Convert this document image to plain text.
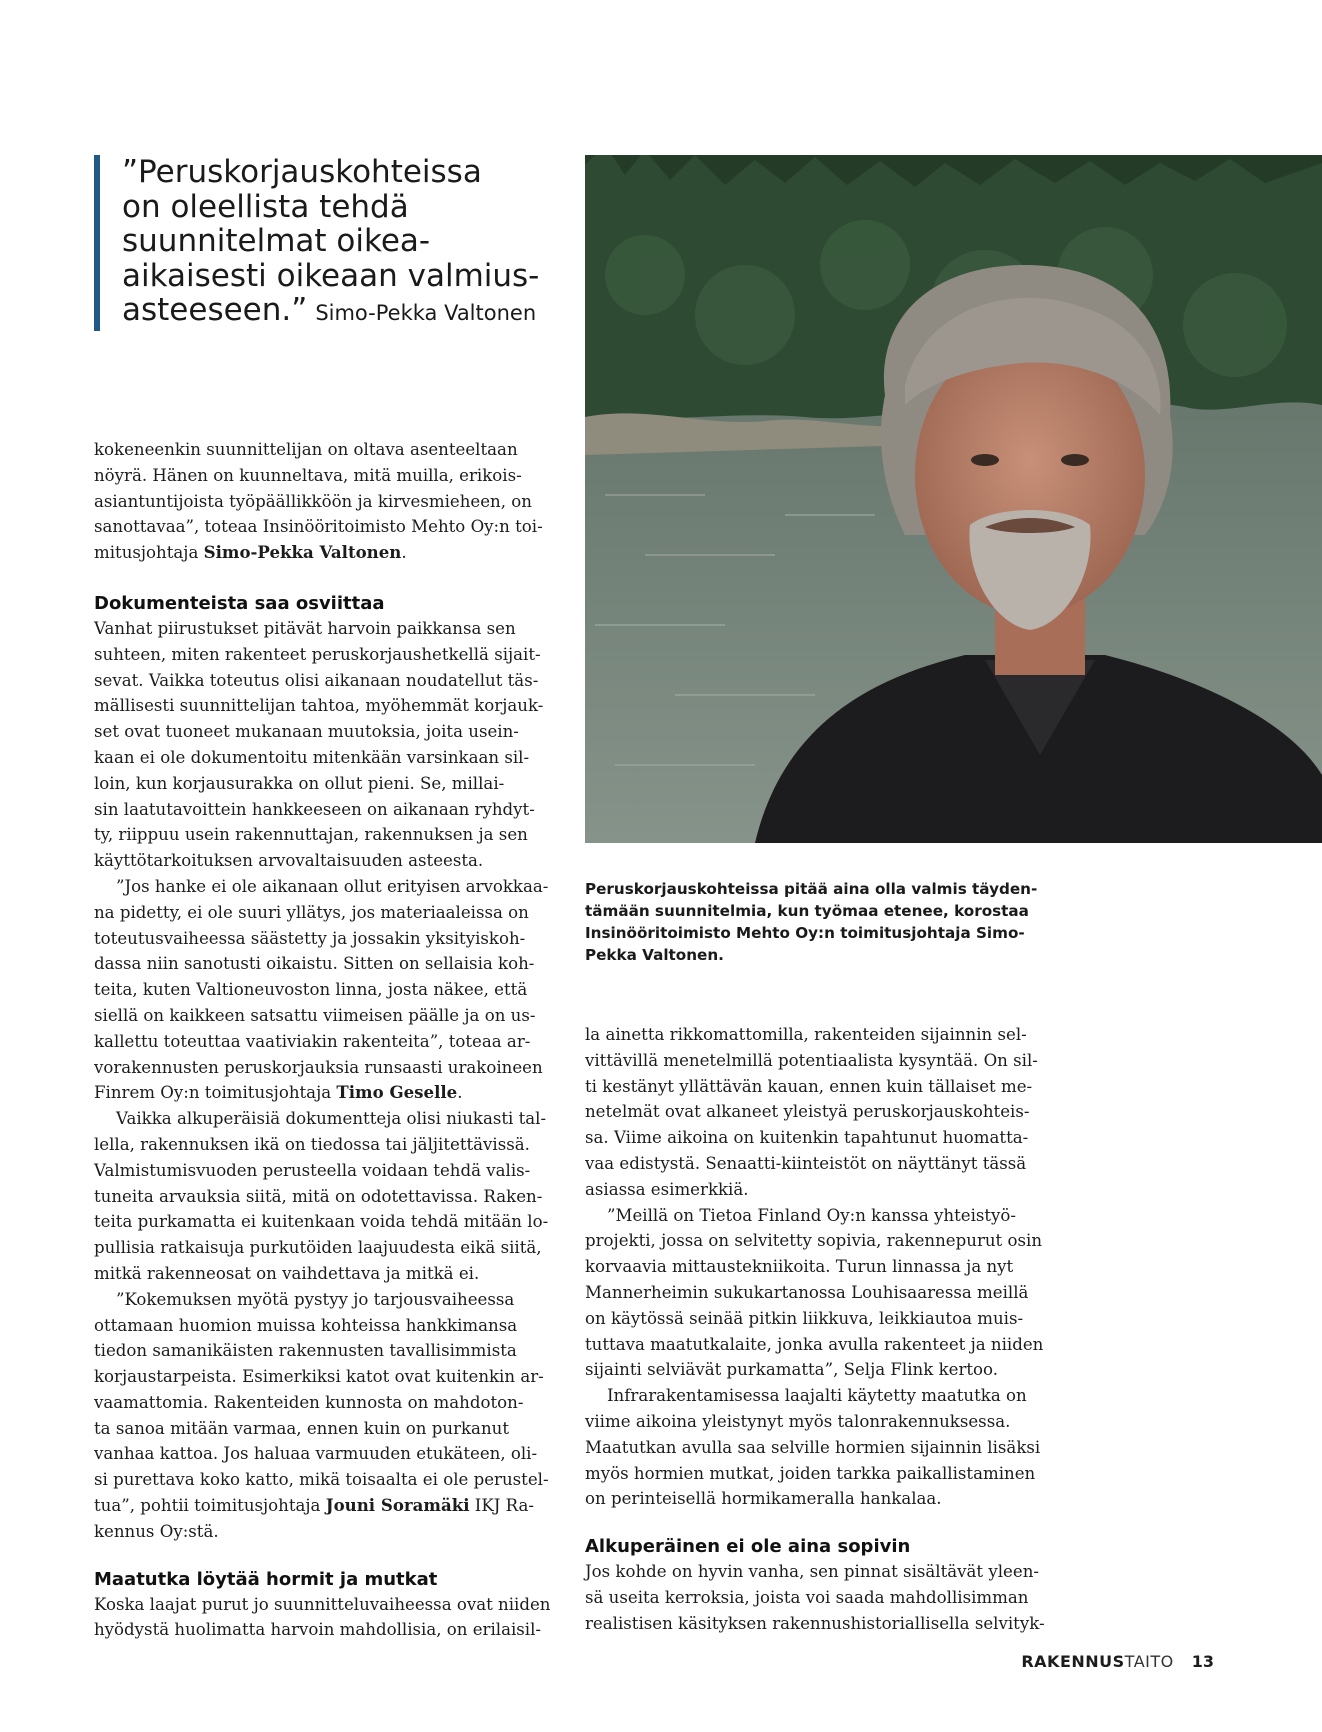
”Peruskorjauskohteissa
on oleellista tehdä
suunnitelmat oikea-
aikaisesti oikeaan valmius-
asteeseen.” Simo-Pekka Valtonen
Peruskorjauskohteissa pitää aina olla valmis täyden-
tämään suunnitelmia, kun työmaa etenee, korostaa
Insinööritoimisto Mehto Oy:n toimitusjohtaja Simo-
Pekka Valtonen.
kokeneenkin suunnittelijan on oltava asenteeltaan
nöyrä. Hänen on kuunneltava, mitä muilla, erikois-
asiantuntijoista työpäällikköön ja kirvesmieheen, on
sanottavaa”, toteaa Insinööritoimisto Mehto Oy:n toi-
mitusjohtaja Simo-Pekka Valtonen.
Dokumenteista saa osviittaa
Vanhat piirustukset pitävät harvoin paikkansa sen
suhteen, miten rakenteet peruskorjaushetkellä sijait-
sevat. Vaikka toteutus olisi aikanaan noudatellut täs-
mällisesti suunnittelijan tahtoa, myöhemmät korjauk-
set ovat tuoneet mukanaan muutoksia, joita usein-
kaan ei ole dokumentoitu mitenkään varsinkaan sil-
loin, kun korjausurakka on ollut pieni. Se, millai-
sin laatutavoittein hankkeeseen on aikanaan ryhdyt-
ty, riippuu usein rakennuttajan, rakennuksen ja sen
käyttötarkoituksen arvovaltaisuuden asteesta.
”Jos hanke ei ole aikanaan ollut erityisen arvokkaa-
na pidetty, ei ole suuri yllätys, jos materiaaleissa on
toteutusvaiheessa säästetty ja jossakin yksityiskoh-
dassa niin sanotusti oikaistu. Sitten on sellaisia koh-
teita, kuten Valtioneuvoston linna, josta näkee, että
siellä on kaikkeen satsattu viimeisen päälle ja on us-
kallettu toteuttaa vaativiakin rakenteita”, toteaa ar-
vorakennusten peruskorjauksia runsaasti urakoineen
Finrem Oy:n toimitusjohtaja Timo Geselle.
Vaikka alkuperäisiä dokumentteja olisi niukasti tal-
lella, rakennuksen ikä on tiedossa tai jäljitettävissä.
Valmistumisvuoden perusteella voidaan tehdä valis-
tuneita arvauksia siitä, mitä on odotettavissa. Raken-
teita purkamatta ei kuitenkaan voida tehdä mitään lo-
pullisia ratkaisuja purkutöiden laajuudesta eikä siitä,
mitkä rakenneosat on vaihdettava ja mitkä ei.
”Kokemuksen myötä pystyy jo tarjousvaiheessa
ottamaan huomion muissa kohteissa hankkimansa
tiedon samanikäisten rakennusten tavallisimmista
korjaustarpeista. Esimerkiksi katot ovat kuitenkin ar-
vaamattomia. Rakenteiden kunnosta on mahdoton-
ta sanoa mitään varmaa, ennen kuin on purkanut
vanhaa kattoa. Jos haluaa varmuuden etukäteen, oli-
si purettava koko katto, mikä toisaalta ei ole perustel-
tua”, pohtii toimitusjohtaja Jouni Soramäki IKJ Ra-
kennus Oy:stä.
Maatutka löytää hormit ja mutkat
Koska laajat purut jo suunnitteluvaiheessa ovat niiden
hyödystä huolimatta harvoin mahdollisia, on erilaisil-
la ainetta rikkomattomilla, rakenteiden sijainnin sel-
vittävillä menetelmillä potentiaalista kysyntää. On sil-
ti kestänyt yllättävän kauan, ennen kuin tällaiset me-
netelmät ovat alkaneet yleistyä peruskorjauskohteis-
sa. Viime aikoina on kuitenkin tapahtunut huomatta-
vaa edistystä. Senaatti-kiinteistöt on näyttänyt tässä
asiassa esimerkkiä.
”Meillä on Tietoa Finland Oy:n kanssa yhteistyö-
projekti, jossa on selvitetty sopivia, rakennepurut osin
korvaavia mittaustekniikoita. Turun linnassa ja nyt
Mannerheimin sukukartanossa Louhisaaressa meillä
on käytössä seinää pitkin liikkuva, leikkiautoa muis-
tuttava maatutkalaite, jonka avulla rakenteet ja niiden
sijainti selviävät purkamatta”, Selja Flink kertoo.
Infrarakentamisessa laajalti käytetty maatutka on
viime aikoina yleistynyt myös talonrakennuksessa.
Maatutkan avulla saa selville hormien sijainnin lisäksi
myös hormien mutkat, joiden tarkka paikallistaminen
on perinteisellä hormikameralla hankalaa.
Alkuperäinen ei ole aina sopivin
Jos kohde on hyvin vanha, sen pinnat sisältävät yleen-
sä useita kerroksia, joista voi saada mahdollisimman
realistisen käsityksen rakennushistoriallisella selvityk-
RAKENNUSTAITO 13
